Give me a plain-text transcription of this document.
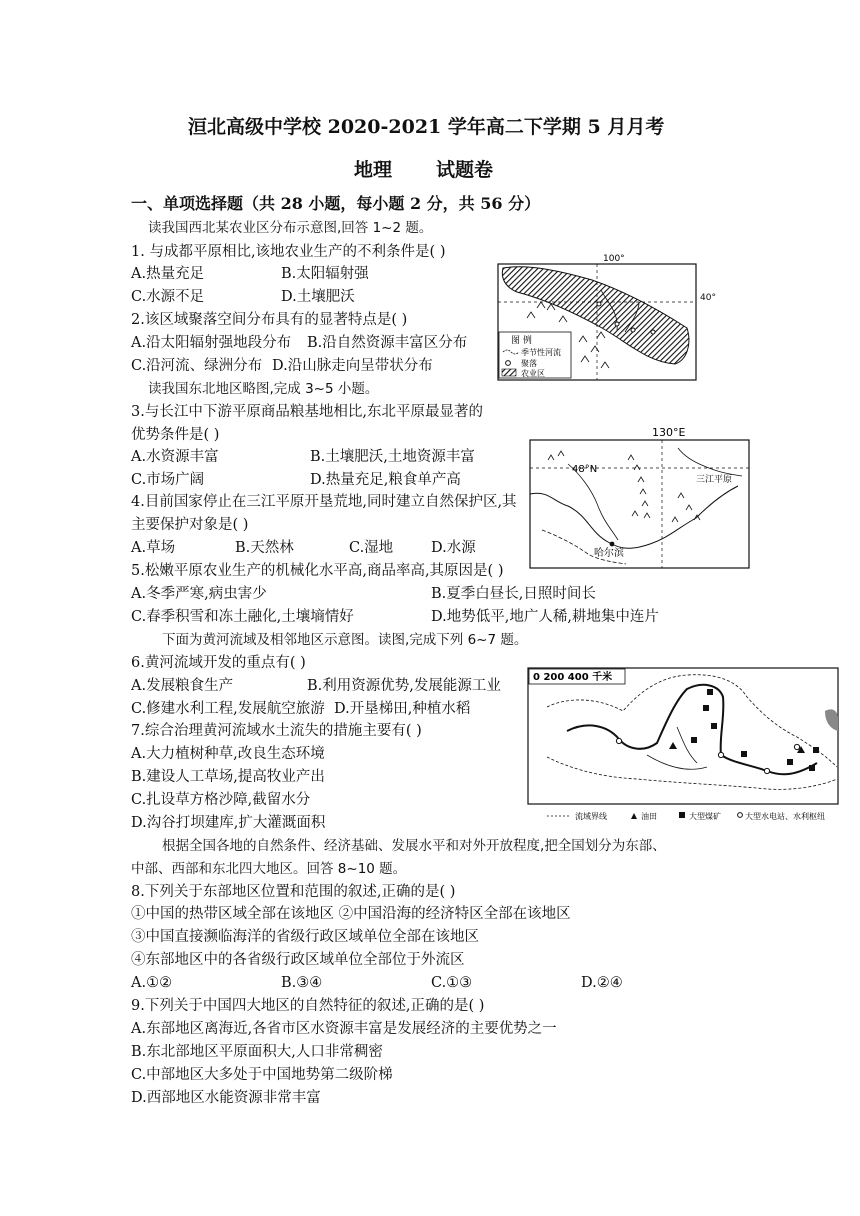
洹北高级中学校 2020-2021 学年高二下学期 5 月月考
地理 试题卷
一、单项选择题（共 28 小题，每小题 2 分，共 56 分）
读我国西北某农业区分布示意图,回答 1~2 题。
1. 与成都平原相比,该地农业生产的不利条件是( )
A.热量充足	B.太阳辐射强
C.水源不足	D.土壤肥沃
2.该区域聚落空间分布具有的显著特点是( )
A.沿太阳辐射强地段分布 B.沿自然资源丰富区分布
C.沿河流、绿洲分布 D.沿山脉走向呈带状分布
读我国东北地区略图,完成 3~5 小题。
3.与长江中下游平原商品粮基地相比,东北平原最显著的
优势条件是( )
A.水资源丰富	B.土壤肥沃,土地资源丰富
C.市场广阔	D.热量充足,粮食单产高
4.目前国家停止在三江平原开垦荒地,同时建立自然保护区,其
主要保护对象是( )
A.草场	B.天然林	C.湿地	D.水源
5.松嫩平原农业生产的机械化水平高,商品率高,其原因是( )
A.冬季严寒,病虫害少	B.夏季白昼长,日照时间长
C.春季积雪和冻土融化,土壤墒情好	D.地势低平,地广人稀,耕地集中连片
下面为黄河流域及相邻地区示意图。读图,完成下列 6~7 题。
6.黄河流域开发的重点有( )
A.发展粮食生产	B.利用资源优势,发展能源工业
C.修建水利工程,发展航空旅游 D.开垦梯田,种植水稻
7.综合治理黄河流域水土流失的措施主要有( )
A.大力植树种草,改良生态环境
B.建设人工草场,提高牧业产出
C.扎设草方格沙障,截留水分
D.沟谷打坝建库,扩大灌溉面积
根据全国各地的自然条件、经济基础、发展水平和对外开放程度,把全国划分为东部、
中部、西部和东北四大地区。回答 8~10 题。
8.下列关于东部地区位置和范围的叙述,正确的是( )
①中国的热带区域全部在该地区 ②中国沿海的经济特区全部在该地区
③中国直接濒临海洋的省级行政区域单位全部在该地区
④东部地区中的各省级行政区域单位全部位于外流区
A.①②	B.③④	C.①③	D.②④
9.下列关于中国四大地区的自然特征的叙述,正确的是( )
A.东部地区离海近,各省市区水资源丰富是发展经济的主要优势之一
B.东北部地区平原面积大,人口非常稠密
C.中部地区大多处于中国地势第二级阶梯
D.西部地区水能资源非常丰富
图 例
季节性河流
聚落
农业区
100°
40°
哈尔滨
三江平原
48°N
130°E
0 200 400 千米
流域界线	油田	大型煤矿	大型水电站、水利枢纽
